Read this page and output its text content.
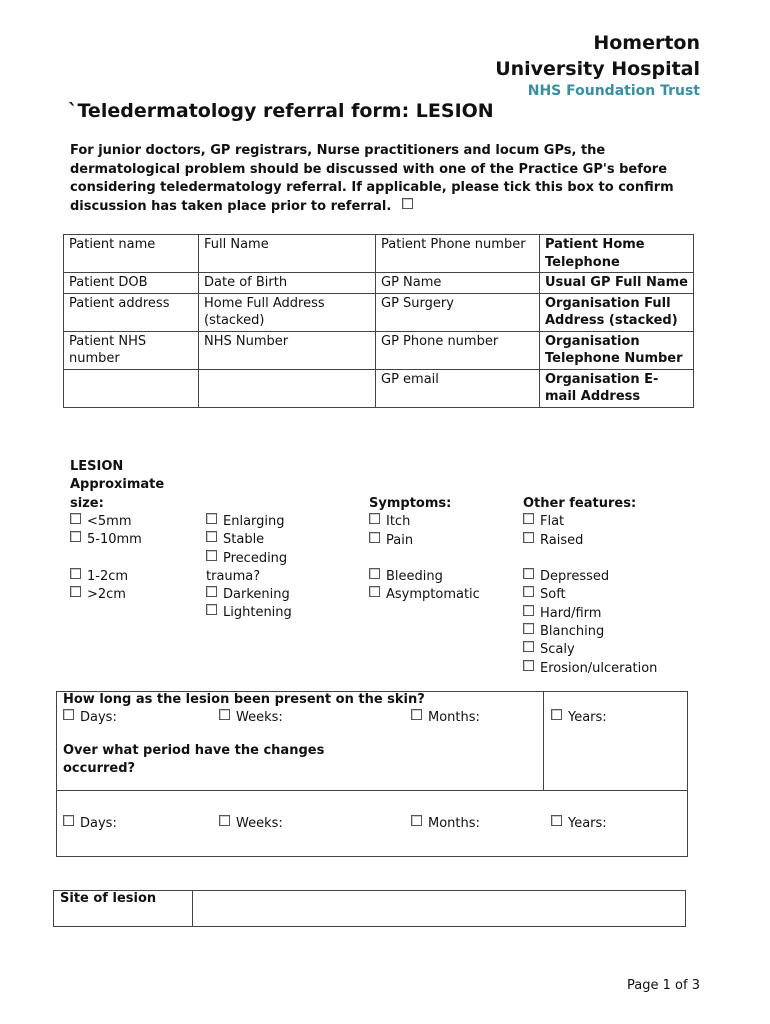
Homerton
University Hospital
NHS Foundation Trust
`Teledermatology referral form: LESION
For junior doctors, GP registrars, Nurse practitioners and locum GPs, the dermatological problem should be discussed with one of the Practice GP's before considering teledermatology referral. If applicable, please tick this box to confirm discussion has taken place prior to referral.
Patient name	Full Name	Patient Phone number	Patient Home Telephone
Patient DOB	Date of Birth	GP Name	Usual GP Full Name
Patient address	Home Full Address (stacked)	GP Surgery	Organisation Full Address (stacked)
Patient NHS number	NHS Number	GP Phone number	Organisation Telephone Number
		GP email	Organisation E-mail Address
LESION
Approximate
size:
<5mm
5-10mm
1-2cm
>2cm
Enlarging
Stable
Preceding
trauma?
Darkening
Lightening
Symptoms:
Itch
Pain
Bleeding
Asymptomatic
Other features:
Flat
Raised
Depressed
Soft
Hard/firm
Blanching
Scaly
Erosion/ulceration
How long as the lesion been present on the skin?
Days:	Weeks:	Months:	Years:
Over what period have the changes occurred?
Days:	Weeks:	Months:	Years:
Site of lesion
Page 1 of 3
